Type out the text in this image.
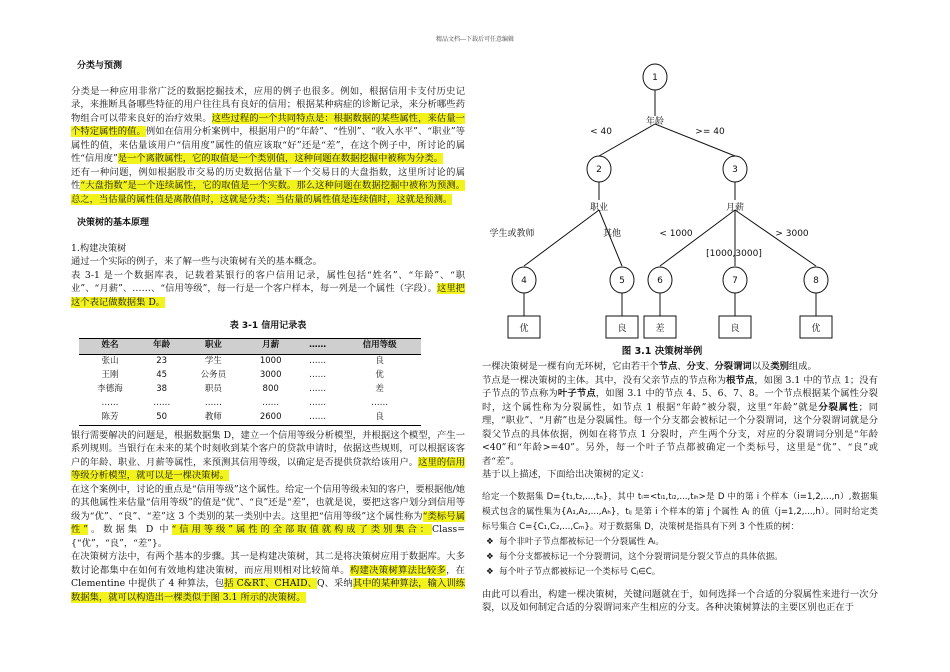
精品文档---下载后可任意编辑

分类与预测

分类是一种应用非常广泛的数据挖掘技术，应用的例子也很多。例如，根据信用卡支付历史记录，来推断具备哪些特征的用户往往具有良好的信用；根据某种病症的诊断记录，来分析哪些药物组合可以带来良好的治疗效果。这些过程的一个共同特点是：根据数据的某些属性，来估量一个特定属性的值。例如在信用分析案例中，根据用户的“年龄”、“性别”、“收入水平”、“职业”等属性的值，来估量该用户“信用度”属性的值应该取“好”还是“差”，在这个例子中，所讨论的属性“信用度”是一个离散属性，它的取值是一个类别值，这种问题在数据挖掘中被称为分类。

还有一种问题，例如根据股市交易的历史数据估量下一个交易日的大盘指数，这里所讨论的属性“大盘指数”是一个连续属性，它的取值是一个实数。那么这种问题在数据挖掘中被称为预测。总之，当估量的属性值是离散值时，这就是分类；当估量的属性值是连续值时，这就是预测。

决策树的基本原理

1.构建决策树

通过一个实际的例子，来了解一些与决策树有关的基本概念。

表 3-1 是一个数据库表，记载着某银行的客户信用记录，属性包括“姓名”、“年龄”、“职业”、“月薪”、……、“信用等级”，每一行是一个客户样本，每一列是一个属性（字段）。这里把这个表记做数据集 D。

表 3-1 信用记录表
姓名	年龄	职业	月薪	……	信用等级
张山	23	学生	1000	……	良
王刚	45	公务员	3000	……	优
李德海	38	职员	800	……	差
……	……	……	……	……	……
陈芳	50	教师	2600	……	良

银行需要解决的问题是，根据数据集 D，建立一个信用等级分析模型，并根据这个模型，产生一系列规则。当银行在未来的某个时刻收到某个客户的贷款申请时，依据这些规则，可以根据该客户的年龄、职业、月薪等属性，来预测其信用等级，以确定是否提供贷款给该用户。这里的信用等级分析模型，就可以是一棵决策树。

在这个案例中，讨论的重点是“信用等级”这个属性。给定一个信用等级未知的客户，要根据他/她的其他属性来估量“信用等级”的值是“优”、“良”还是“差”，也就是说，要把这客户划分到信用等级为“优”、“良”、“差”这 3 个类别的某一类别中去。这里把“信用等级”这个属性称为“类标号属性”。数据集 D 中“信用等级”属性的全部取值就构成了类别集合：Class={“优”，“良”，“差”}。

在决策树方法中，有两个基本的步骤。其一是构建决策树，其二是将决策树应用于数据库。大多数讨论都集中在如何有效地构建决策树，而应用则相对比较简单。构建决策树算法比较多，在 Clementine 中提供了 4 种算法，包括 C&RT、CHAID、Q、采纳其中的某种算法，输入训练数据集，就可以构造出一棵类似于图 3.1 所示的决策树。

1
2	3
4	5	6	7	8
年龄
职业	月薪
< 40	>= 40
学生或教师	其他	< 1000
[1000,3000]
> 3000
优	良	差	良	优
图 3.1 决策树举例

一棵决策树是一棵有向无环树，它由若干个节点、分支、分裂谓词以及类别组成。

节点是一棵决策树的主体。其中，没有父亲节点的节点称为根节点，如图 3.1 中的节点 1；没有子节点的节点称为叶子节点，如图 3.1 中的节点 4、5、6、7、8。一个节点根据某个属性分裂时，这个属性称为分裂属性，如节点 1 根据“年龄”被分裂，这里“年龄”就是分裂属性；同理，“职业”、“月薪”也是分裂属性。每一个分支都会被标记一个分裂谓词，这个分裂谓词就是分裂父节点的具体依据，例如在将节点 1 分裂时，产生两个分支，对应的分裂谓词分别是“年龄<40”和“年龄>=40”。另外，每一个叶子节点都被确定一个类标号，这里是“优”、“良”或者“差”。

基于以上描述，下面给出决策树的定义：

给定一个数据集 D={t₁,t₂,...,tₙ}，其中 tᵢ=<tᵢ₁,tᵢ₂,...,tᵢₕ>是 D 中的第 i 个样本（i=1,2,...,n）,数据集模式包含的属性集为{A₁,A₂,...,Aₕ}，tᵢⱼ 是第 i 个样本的第 j 个属性 Aⱼ 的值（j=1,2,...,h）。同时给定类标号集合 C={C₁,C₂,...,Cₘ}。对于数据集 D，决策树是指具有下列 3 个性质的树：

❖  每个非叶子节点都被标记一个分裂属性 Aᵢ。

❖  每个分支都被标记一个分裂谓词，这个分裂谓词是分裂父节点的具体依据。

❖  每个叶子节点都被标记一个类标号 Cⱼ∈C。

由此可以看出，构建一棵决策树，关键问题就在于，如何选择一个合适的分裂属性来进行一次分裂，以及如何制定合适的分裂谓词来产生相应的分支。各种决策树算法的主要区别也正在于
